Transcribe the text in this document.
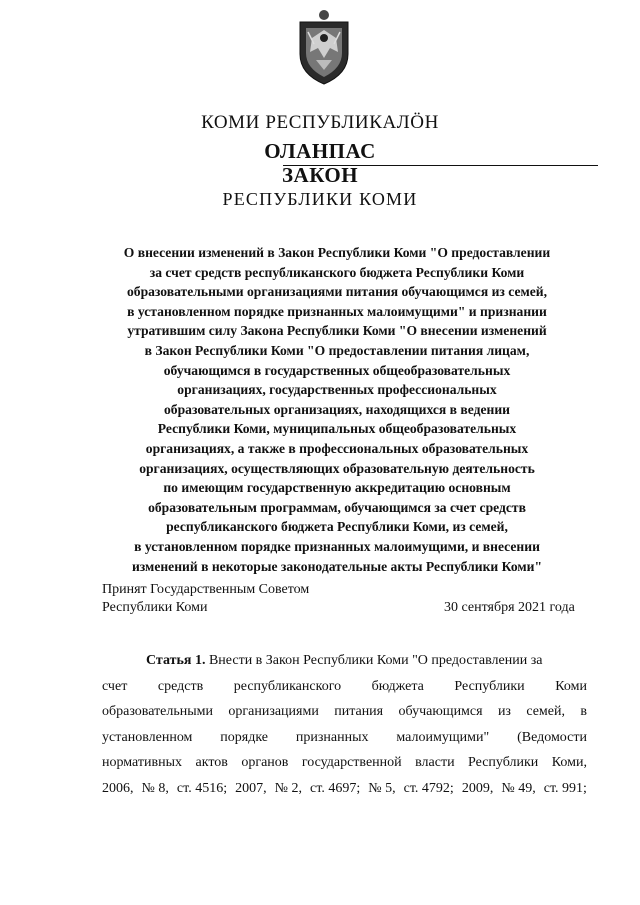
КОМИ РЕСПУБЛИКАЛÖН
ОЛАНПАС
ЗАКОН
РЕСПУБЛИКИ КОМИ
О внесении изменений в Закон Республики Коми "О предоставлении
за счет средств республиканского бюджета Республики Коми
образовательными организациями питания обучающимся из семей,
в установленном порядке признанных малоимущими" и признании
утратившим силу Закона Республики Коми "О внесении изменений
в Закон Республики Коми "О предоставлении питания лицам,
обучающимся в государственных общеобразовательных
организациях, государственных профессиональных
образовательных организациях, находящихся в ведении
Республики Коми, муниципальных общеобразовательных
организациях, а также в профессиональных образовательных
организациях, осуществляющих образовательную деятельность
по имеющим государственную аккредитацию основным
образовательным программам, обучающимся за счет средств
республиканского бюджета Республики Коми, из семей,
в установленном порядке признанных малоимущими, и внесении
изменений в некоторые законодательные акты Республики Коми"
Принят Государственным Советом
Республики Коми	30 сентября 2021 года
Статья 1. Внести в Закон Республики Коми "О предоставлении за
счет средств республиканского бюджета Республики Коми
образовательными организациями питания обучающимся из семей, в
установленном порядке признанных малоимущими" (Ведомости
нормативных актов органов государственной власти Республики Коми,
2006, № 8, ст. 4516; 2007, № 2, ст. 4697; № 5, ст. 4792; 2009, № 49, ст. 991;
